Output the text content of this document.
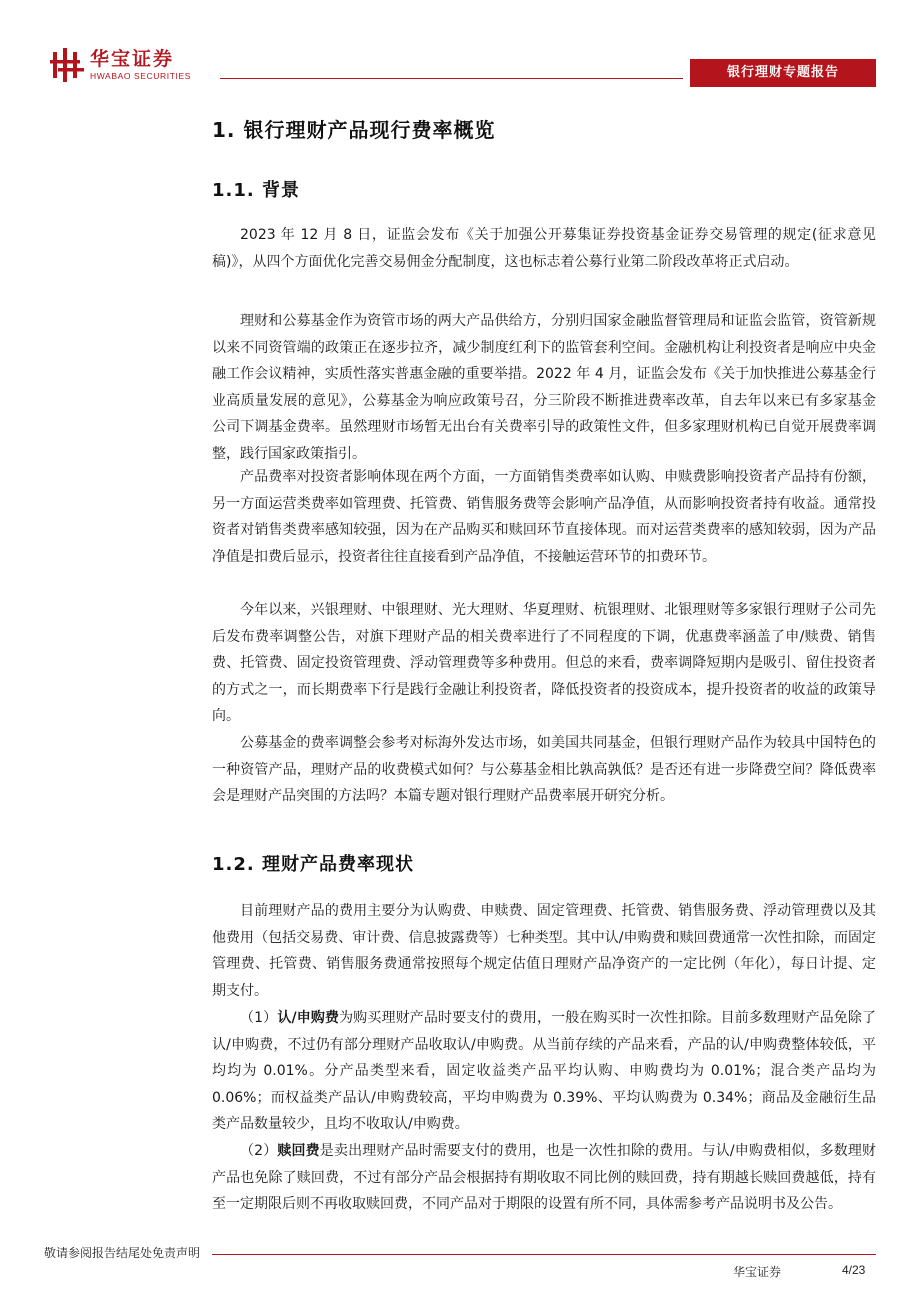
华宝证券
HWABAO SECURITIES	银行理财专题报告
1. 银行理财产品现行费率概览
1.1. 背景

2023 年 12 月 8 日，证监会发布《关于加强公开募集证券投资基金证券交易管理的规定(征求意见稿)》，从四个方面优化完善交易佣金分配制度，这也标志着公募行业第二阶段改革将正式启动。

理财和公募基金作为资管市场的两大产品供给方，分别归国家金融监督管理局和证监会监管，资管新规以来不同资管端的政策正在逐步拉齐，减少制度红利下的监管套利空间。金融机构让利投资者是响应中央金融工作会议精神，实质性落实普惠金融的重要举措。2022 年 4 月，证监会发布《关于加快推进公募基金行业高质量发展的意见》，公募基金为响应政策号召，分三阶段不断推进费率改革，自去年以来已有多家基金公司下调基金费率。虽然理财市场暂无出台有关费率引导的政策性文件，但多家理财机构已自觉开展费率调整，践行国家政策指引。

产品费率对投资者影响体现在两个方面，一方面销售类费率如认购、申赎费影响投资者产品持有份额，另一方面运营类费率如管理费、托管费、销售服务费等会影响产品净值，从而影响投资者持有收益。通常投资者对销售类费率感知较强，因为在产品购买和赎回环节直接体现。而对运营类费率的感知较弱，因为产品净值是扣费后显示，投资者往往直接看到产品净值，不接触运营环节的扣费环节。

今年以来，兴银理财、中银理财、光大理财、华夏理财、杭银理财、北银理财等多家银行理财子公司先后发布费率调整公告，对旗下理财产品的相关费率进行了不同程度的下调，优惠费率涵盖了申/赎费、销售费、托管费、固定投资管理费、浮动管理费等多种费用。但总的来看，费率调降短期内是吸引、留住投资者的方式之一，而长期费率下行是践行金融让利投资者，降低投资者的投资成本，提升投资者的收益的政策导向。

公募基金的费率调整会参考对标海外发达市场，如美国共同基金，但银行理财产品作为较具中国特色的一种资管产品，理财产品的收费模式如何？与公募基金相比孰高孰低？是否还有进一步降费空间？降低费率会是理财产品突围的方法吗？本篇专题对银行理财产品费率展开研究分析。

1.2. 理财产品费率现状

目前理财产品的费用主要分为认购费、申赎费、固定管理费、托管费、销售服务费、浮动管理费以及其他费用（包括交易费、审计费、信息披露费等）七种类型。其中认/申购费和赎回费通常一次性扣除，而固定管理费、托管费、销售服务费通常按照每个规定估值日理财产品净资产的一定比例（年化），每日计提、定期支付。

（1）认/申购费为购买理财产品时要支付的费用，一般在购买时一次性扣除。目前多数理财产品免除了认/申购费，不过仍有部分理财产品收取认/申购费。从当前存续的产品来看，产品的认/申购费整体较低，平均均为 0.01%。分产品类型来看，固定收益类产品平均认购、申购费均为 0.01%；混合类产品均为 0.06%；而权益类产品认/申购费较高，平均申购费为 0.39%、平均认购费为 0.34%；商品及金融衍生品类产品数量较少，且均不收取认/申购费。

（2）赎回费是卖出理财产品时需要支付的费用，也是一次性扣除的费用。与认/申购费相似，多数理财产品也免除了赎回费，不过有部分产品会根据持有期收取不同比例的赎回费，持有期越长赎回费越低，持有至一定期限后则不再收取赎回费，不同产品对于期限的设置有所不同，具体需参考产品说明书及公告。

敬请参阅报告结尾处免责声明
华宝证券	4/23
